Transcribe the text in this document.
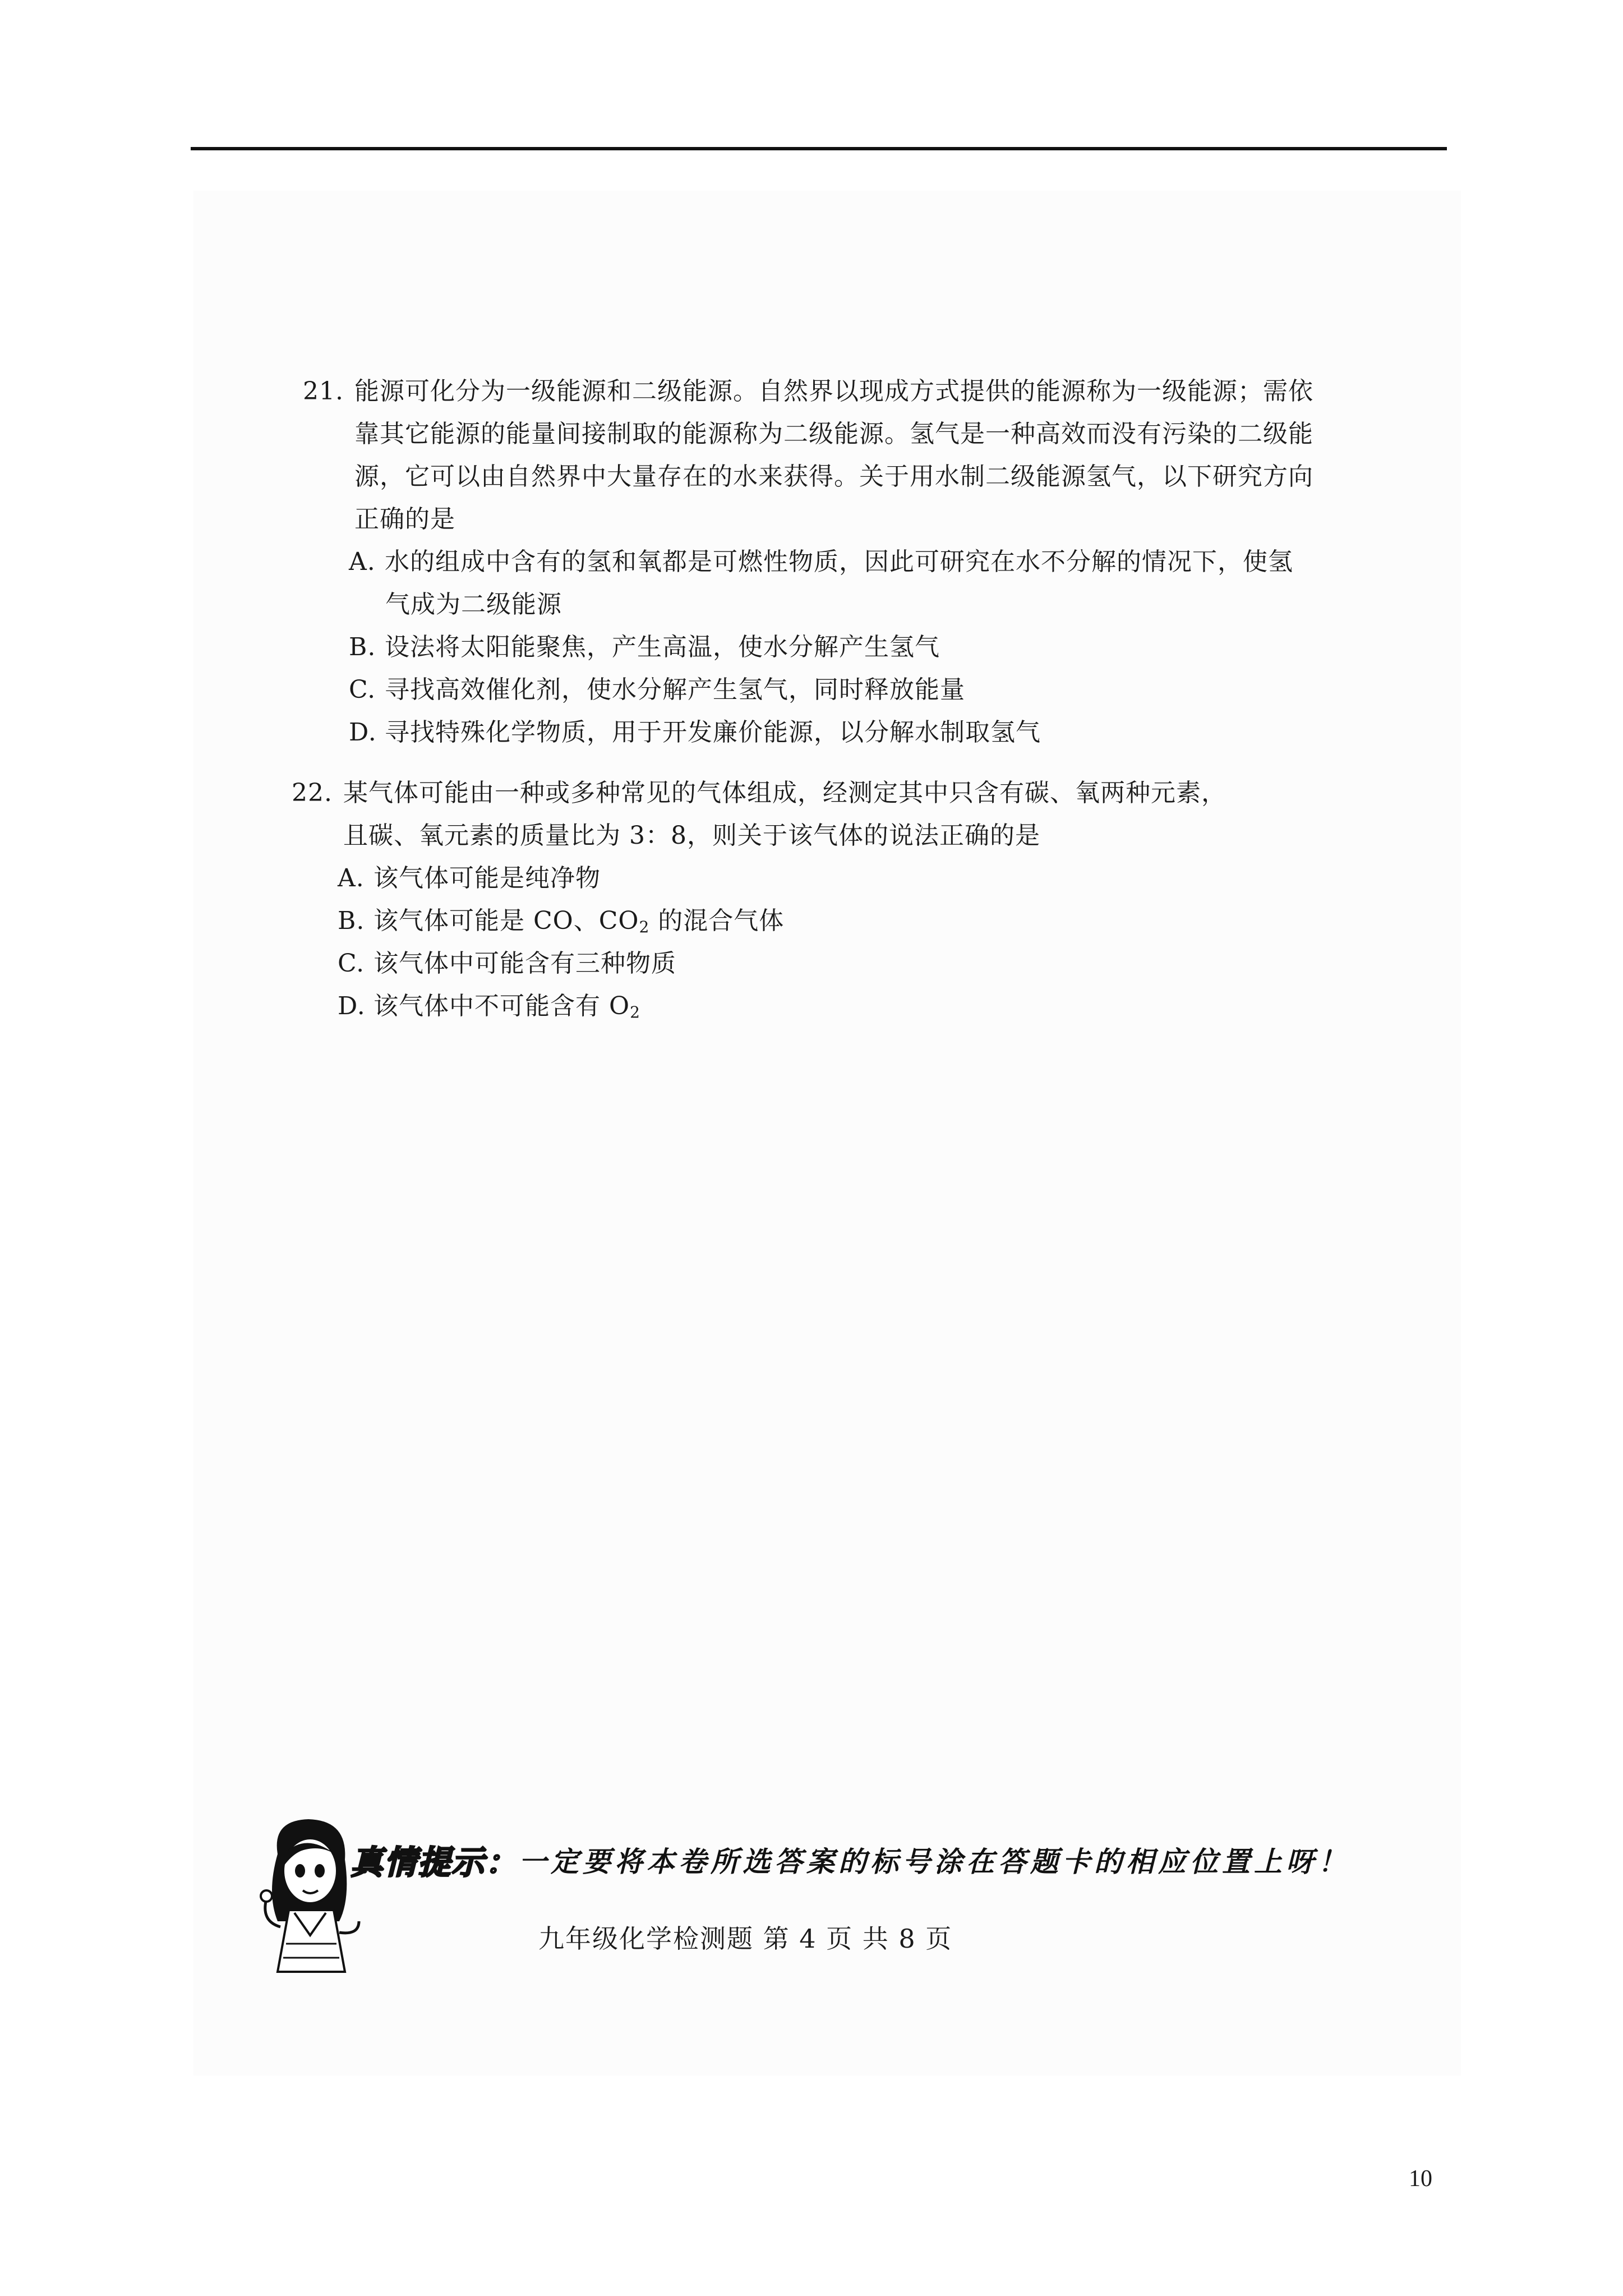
21. 能源可化分为一级能源和二级能源。自然界以现成方式提供的能源称为一级能源；需依
靠其它能源的能量间接制取的能源称为二级能源。氢气是一种高效而没有污染的二级能
源，它可以由自然界中大量存在的水来获得。关于用水制二级能源氢气，以下研究方向
正确的是
A. 水的组成中含有的氢和氧都是可燃性物质，因此可研究在水不分解的情况下，使氢
气成为二级能源
B. 设法将太阳能聚焦，产生高温，使水分解产生氢气
C. 寻找高效催化剂，使水分解产生氢气，同时释放能量
D. 寻找特殊化学物质，用于开发廉价能源，以分解水制取氢气
22. 某气体可能由一种或多种常见的气体组成，经测定其中只含有碳、氧两种元素，
且碳、氧元素的质量比为 3：8，则关于该气体的说法正确的是
A. 该气体可能是纯净物
B. 该气体可能是 CO、$CO_2$ 的混合气体
C. 该气体中可能含有三种物质
D. 该气体中不可能含有 $O_2$
真情提示： 一定要将本卷所选答案的标号涂在答题卡的相应位置上呀！
九年级化学检测题 第 4 页 共 8 页
10
